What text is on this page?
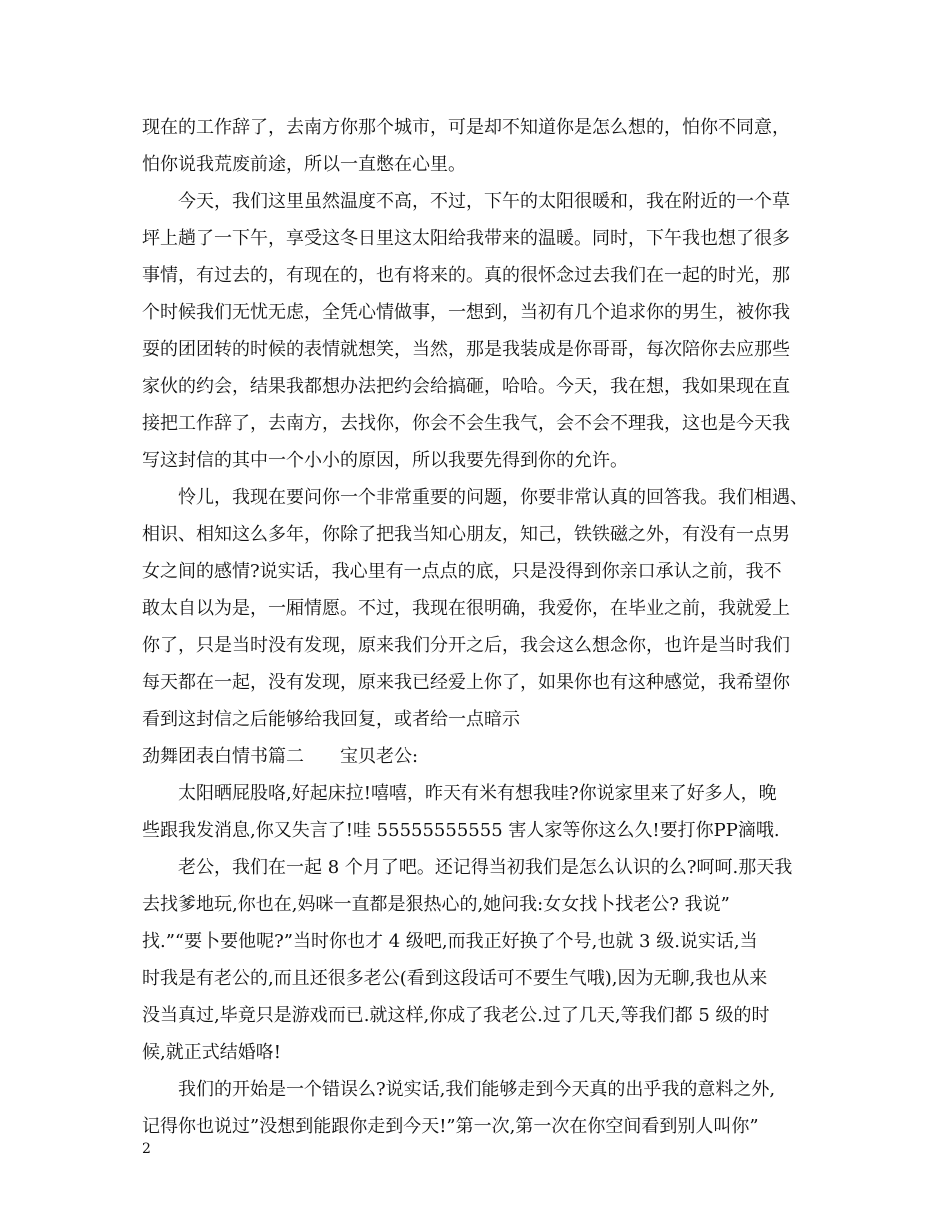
现在的工作辞了，去南方你那个城市，可是却不知道你是怎么想的，怕你不同意，
怕你说我荒废前途，所以一直憋在心里。
今天，我们这里虽然温度不高，不过，下午的太阳很暖和，我在附近的一个草
坪上趟了一下午，享受这冬日里这太阳给我带来的温暖。同时，下午我也想了很多
事情，有过去的，有现在的，也有将来的。真的很怀念过去我们在一起的时光，那
个时候我们无忧无虑，全凭心情做事，一想到，当初有几个追求你的男生，被你我
耍的团团转的时候的表情就想笑，当然，那是我装成是你哥哥，每次陪你去应那些
家伙的约会，结果我都想办法把约会给搞砸，哈哈。今天，我在想，我如果现在直
接把工作辞了，去南方，去找你，你会不会生我气，会不会不理我，这也是今天我
写这封信的其中一个小小的原因，所以我要先得到你的允许。
怜儿，我现在要问你一个非常重要的问题，你要非常认真的回答我。我们相遇、
相识、相知这么多年，你除了把我当知心朋友，知己，铁铁磁之外，有没有一点男
女之间的感情?说实话，我心里有一点点的底，只是没得到你亲口承认之前，我不
敢太自以为是，一厢情愿。不过，我现在很明确，我爱你，在毕业之前，我就爱上
你了，只是当时没有发现，原来我们分开之后，我会这么想念你，也许是当时我们
每天都在一起，没有发现，原来我已经爱上你了，如果你也有这种感觉，我希望你
看到这封信之后能够给我回复，或者给一点暗示
劲舞团表白情书篇二　　宝贝老公:
太阳晒屁股咯,好起床拉!嘻嘻，昨天有米有想我哇?你说家里来了好多人，晚
些跟我发消息,你又失言了!哇 55555555555 害人家等你这么久!要打你PP滴哦.
老公，我们在一起 8 个月了吧。还记得当初我们是怎么认识的么?呵呵.那天我
去找爹地玩,你也在,妈咪一直都是狠热心的,她问我:女女找卜找老公? 我说”
找.”“要卜要他呢?”当时你也才 4 级吧,而我正好换了个号,也就 3 级.说实话,当
时我是有老公的,而且还很多老公(看到这段话可不要生气哦),因为无聊,我也从来
没当真过,毕竟只是游戏而已.就这样,你成了我老公.过了几天,等我们都 5 级的时
候,就正式结婚咯!
我们的开始是一个错误么?说实话,我们能够走到今天真的出乎我的意料之外,
记得你也说过”没想到能跟你走到今天!”第一次,第一次在你空间看到别人叫你”
2
